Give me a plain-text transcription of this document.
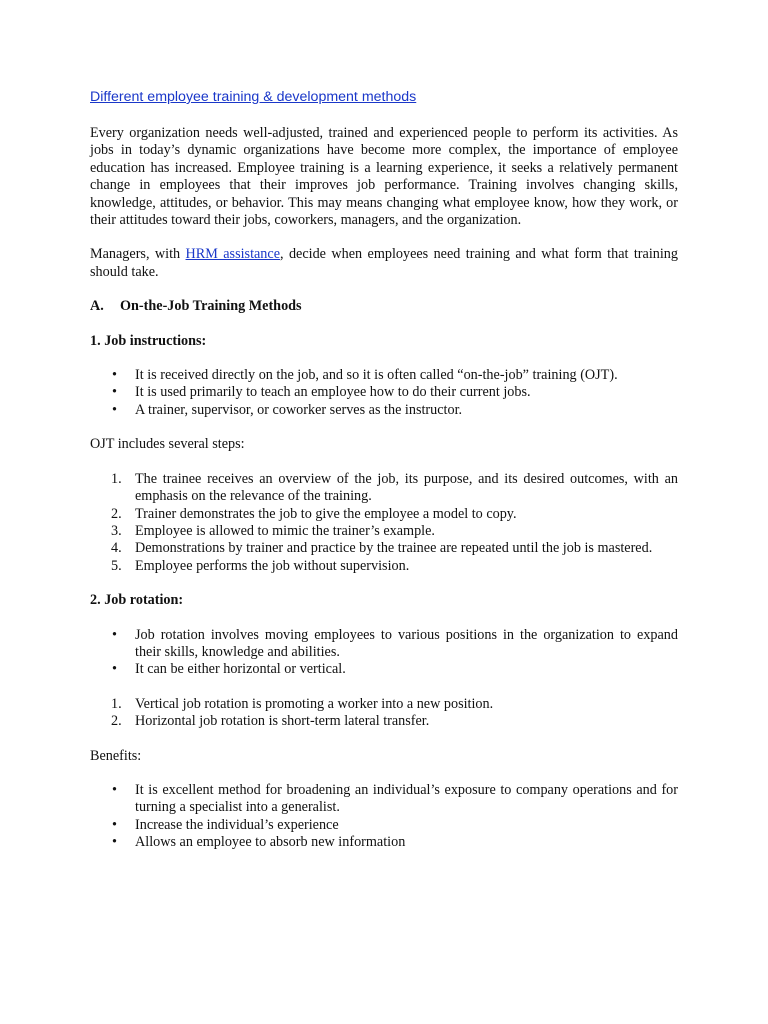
Different employee training & development methods

Every organization needs well-adjusted, trained and experienced people to perform its activities. As jobs in today’s dynamic organizations have become more complex, the importance of employee education has increased. Employee training is a learning experience, it seeks a relatively permanent change in employees that their improves job performance. Training involves changing skills, knowledge, attitudes, or behavior. This may means changing what employee know, how they work, or their attitudes toward their jobs, coworkers, managers, and the organization.

Managers, with HRM assistance, decide when employees need training and what form that training should take.

A.	On-the-Job Training Methods
1. Job instructions:
• It is received directly on the job, and so it is often called “on-the-job” training (OJT).
• It is used primarily to teach an employee how to do their current jobs.
• A trainer, supervisor, or coworker serves as the instructor.

OJT includes several steps:

1. The trainee receives an overview of the job, its purpose, and its desired outcomes, with an emphasis on the relevance of the training.
2. Trainer demonstrates the job to give the employee a model to copy.
3. Employee is allowed to mimic the trainer’s example.
4. Demonstrations by trainer and practice by the trainee are repeated until the job is mastered.
5. Employee performs the job without supervision.
2. Job rotation:
• Job rotation involves moving employees to various positions in the organization to expand their skills, knowledge and abilities.
• It can be either horizontal or vertical.
1. Vertical job rotation is promoting a worker into a new position.
2. Horizontal job rotation is short-term lateral transfer.

Benefits:

• It is excellent method for broadening an individual’s exposure to company operations and for turning a specialist into a generalist.
• Increase the individual’s experience
• Allows an employee to absorb new information
